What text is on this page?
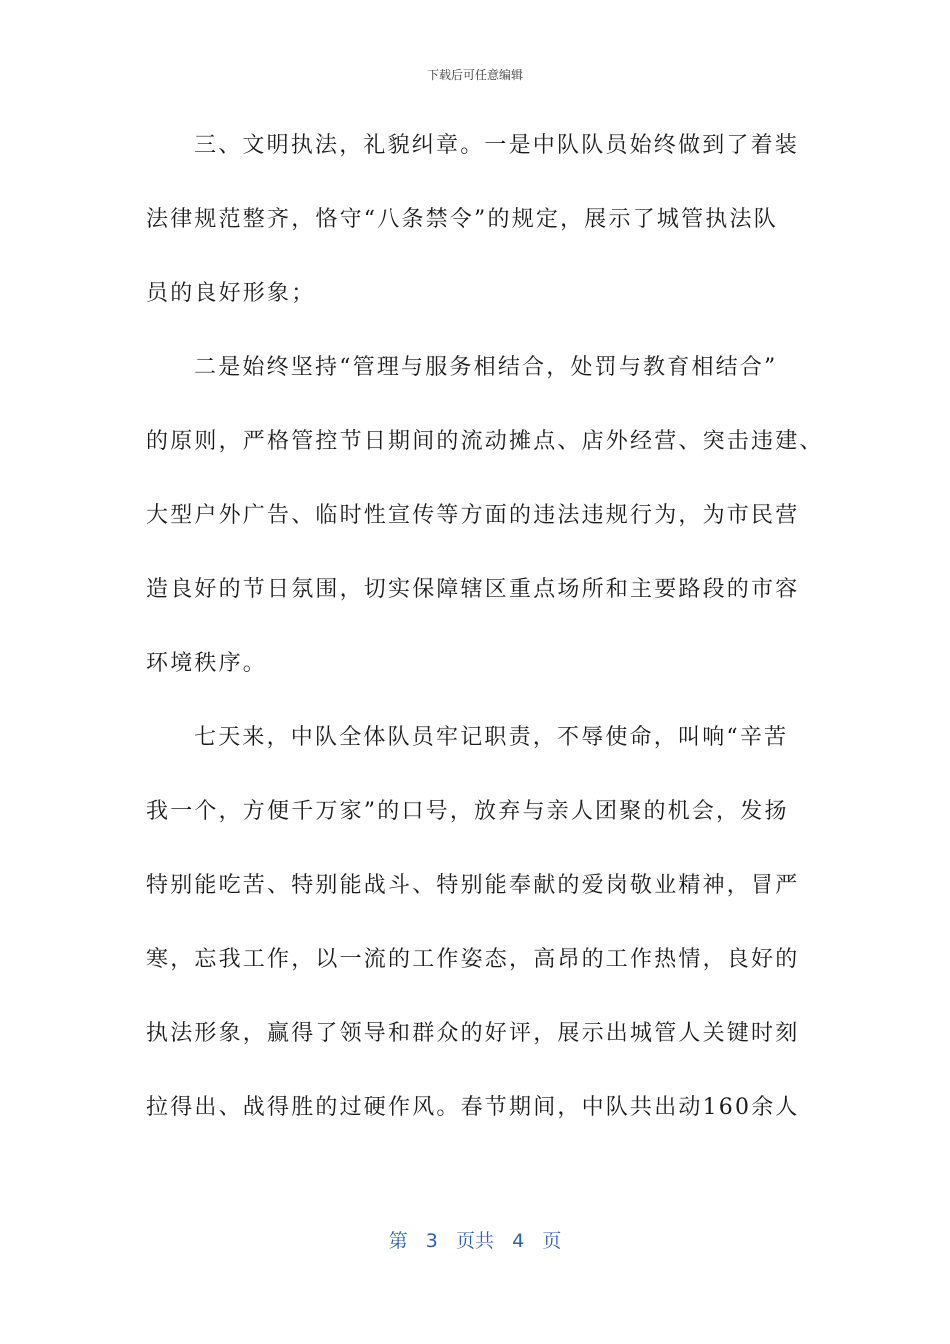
下载后可任意编辑
三、文明执法，礼貌纠章。一是中队队员始终做到了着装
法律规范整齐，恪守“八条禁令”的规定，展示了城管执法队
员的良好形象；
二是始终坚持“管理与服务相结合，处罚与教育相结合”
的原则，严格管控节日期间的流动摊点、店外经营、突击违建、
大型户外广告、临时性宣传等方面的违法违规行为，为市民营
造良好的节日氛围，切实保障辖区重点场所和主要路段的市容
环境秩序。
七天来，中队全体队员牢记职责，不辱使命，叫响“辛苦
我一个，方便千万家”的口号，放弃与亲人团聚的机会，发扬
特别能吃苦、特别能战斗、特别能奉献的爱岗敬业精神，冒严
寒，忘我工作，以一流的工作姿态，高昂的工作热情，良好的
执法形象，赢得了领导和群众的好评，展示出城管人关键时刻
拉得出、战得胜的过硬作风。春节期间，中队共出动160余人
第 3 页共 4 页
